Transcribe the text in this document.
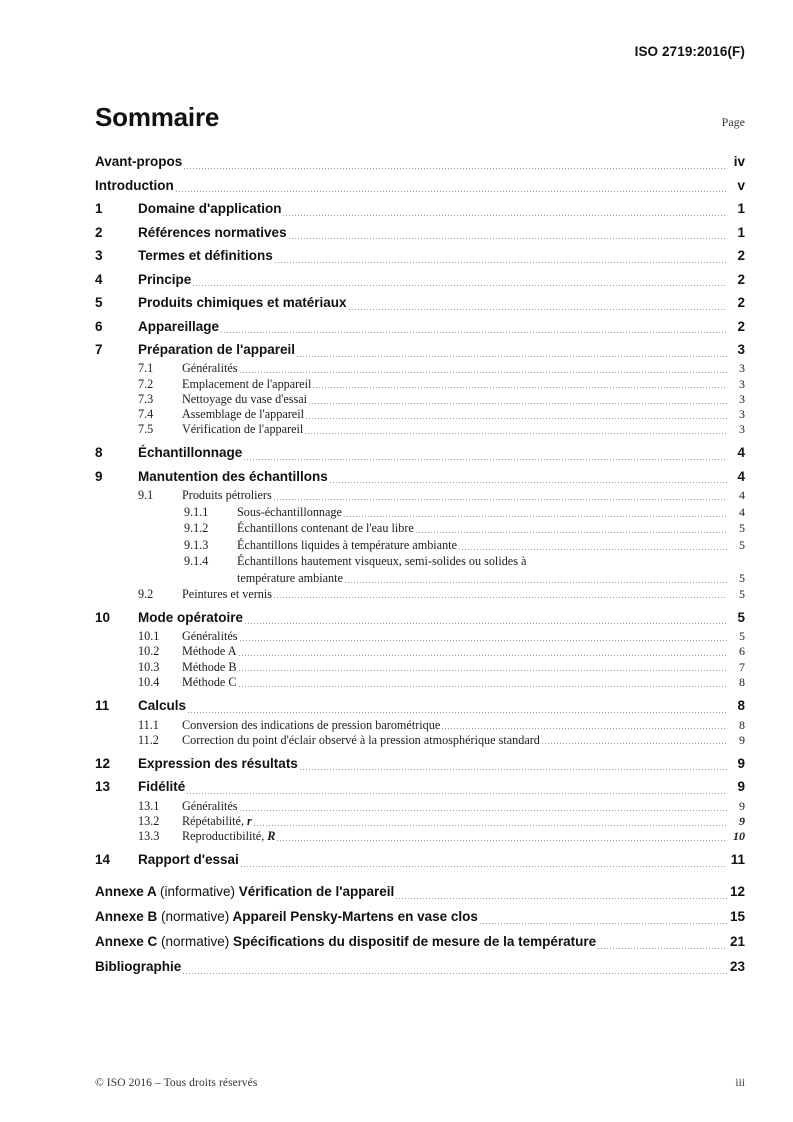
ISO 2719:2016(F)
Sommaire	Page
Avant-propos	iv
Introduction	v
1	Domaine d'application	1
2	Références normatives	1
3	Termes et définitions	2
4	Principe	2
5	Produits chimiques et matériaux	2
6	Appareillage	2
7	Préparation de l'appareil	3
7.1	Généralités	3
7.2	Emplacement de l'appareil	3
7.3	Nettoyage du vase d'essai	3
7.4	Assemblage de l'appareil	3
7.5	Vérification de l'appareil	3
8	Échantillonnage	4
9	Manutention des échantillons	4
9.1	Produits pétroliers	4
9.1.1	Sous-échantillonnage	4
9.1.2	Échantillons contenant de l'eau libre	5
9.1.3	Échantillons liquides à température ambiante	5
9.1.4	Échantillons hautement visqueux, semi-solides ou solides à
température ambiante	5
9.2	Peintures et vernis	5
10	Mode opératoire	5
10.1	Généralités	5
10.2	Méthode A	6
10.3	Méthode B	7
10.4	Méthode C	8
11	Calculs	8
11.1	Conversion des indications de pression barométrique	8
11.2	Correction du point d'éclair observé à la pression atmosphérique standard	9
12	Expression des résultats	9
13	Fidélité	9
13.1	Généralités	9
13.2	Répétabilité, r	9
13.3	Reproductibilité, R	10
14	Rapport d'essai	11
Annexe A (informative) Vérification de l'appareil	12
Annexe B (normative) Appareil Pensky-Martens en vase clos	15
Annexe C (normative) Spécifications du dispositif de mesure de la température	21
Bibliographie	23
© ISO 2016 – Tous droits réservés	iii
